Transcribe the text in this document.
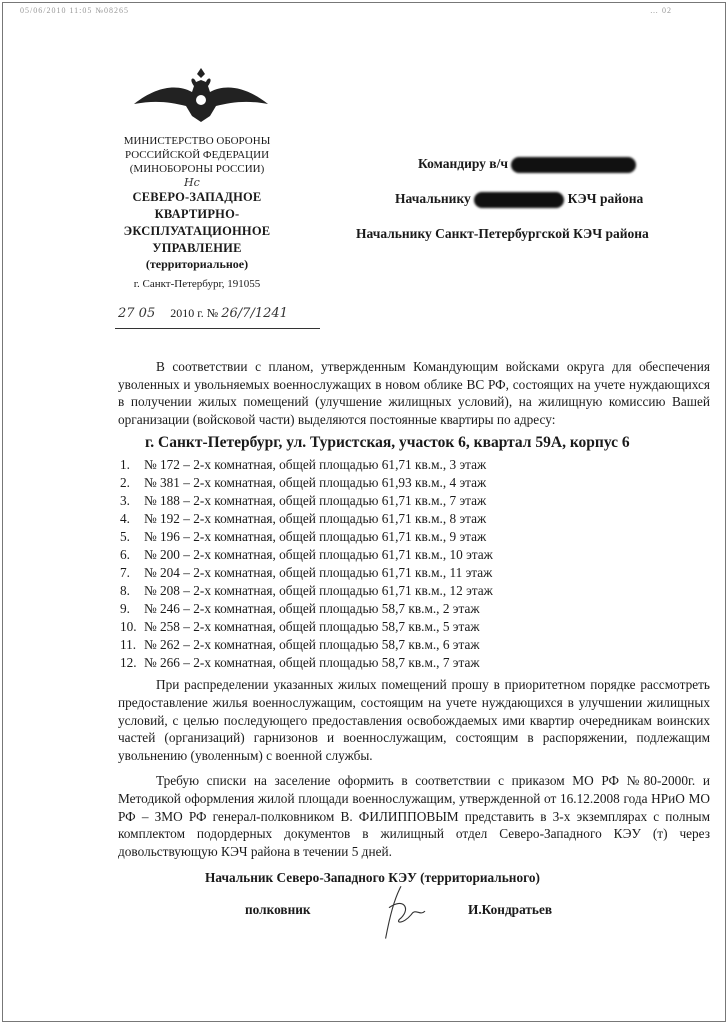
05/06/2010 11:05 №08265	… 02
МИНИСТЕРСТВО ОБОРОНЫ
РОССИЙСКОЙ ФЕДЕРАЦИИ
(МИНОБОРОНЫ РОССИИ)
Нс
СЕВЕРО-ЗАПАДНОЕ
КВАРТИРНО-
ЭКСПЛУАТАЦИОННОЕ
УПРАВЛЕНИЕ
(территориальное)
г. Санкт-Петербург, 191055
27 05 2010 г. № 26/7/1241
Командиру в/ч
Начальнику	КЭЧ района
Начальнику Санкт-Петербургской КЭЧ района

В соответствии с планом, утвержденным Командующим войсками округа для обеспечения уволенных и увольняемых военнослужащих в новом облике ВС РФ, состоящих на учете нуждающихся в получении жилых помещений (улучшение жилищных условий), на жилищную комиссию Вашей организации (войсковой части) выделяются постоянные квартиры по адресу:

г. Санкт-Петербург, ул. Туристская, участок 6, квартал 59А, корпус 6
1. № 172 – 2-х комнатная, общей площадью 61,71 кв.м., 3 этаж
2. № 381 – 2-х комнатная, общей площадью 61,93 кв.м., 4 этаж
3. № 188 – 2-х комнатная, общей площадью 61,71 кв.м., 7 этаж
4. № 192 – 2-х комнатная, общей площадью 61,71 кв.м., 8 этаж
5. № 196 – 2-х комнатная, общей площадью 61,71 кв.м., 9 этаж
6. № 200 – 2-х комнатная, общей площадью 61,71 кв.м., 10 этаж
7. № 204 – 2-х комнатная, общей площадью 61,71 кв.м., 11 этаж
8. № 208 – 2-х комнатная, общей площадью 61,71 кв.м., 12 этаж
9. № 246 – 2-х комнатная, общей площадью 58,7 кв.м., 2 этаж
10. № 258 – 2-х комнатная, общей площадью 58,7 кв.м., 5 этаж
11. № 262 – 2-х комнатная, общей площадью 58,7 кв.м., 6 этаж
12. № 266 – 2-х комнатная, общей площадью 58,7 кв.м., 7 этаж

При распределении указанных жилых помещений прошу в приоритетном порядке рассмотреть предоставление жилья военнослужащим, состоящим на учете нуждающихся в улучшении жилищных условий, с целью последующего предоставления освобождаемых ими квартир очередникам воинских частей (организаций) гарнизонов и военнослужащим, состоящим в распоряжении, подлежащим увольнению (уволенным) с военной службы.

Требую списки на заселение оформить в соответствии с приказом МО РФ №80-2000г. и Методикой оформления жилой площади военнослужащим, утвержденной от 16.12.2008 года НРиО МО РФ – ЗМО РФ генерал-полковником В. ФИЛИППОВЫМ представить в 3-х экземплярах с полным комплектом подордерных документов в жилищный отдел Северо-Западного КЭУ (т) через довольствующую КЭЧ района в течении 5 дней.

Начальник Северо-Западного КЭУ (территориального)
полковник	И.Кондратьев
